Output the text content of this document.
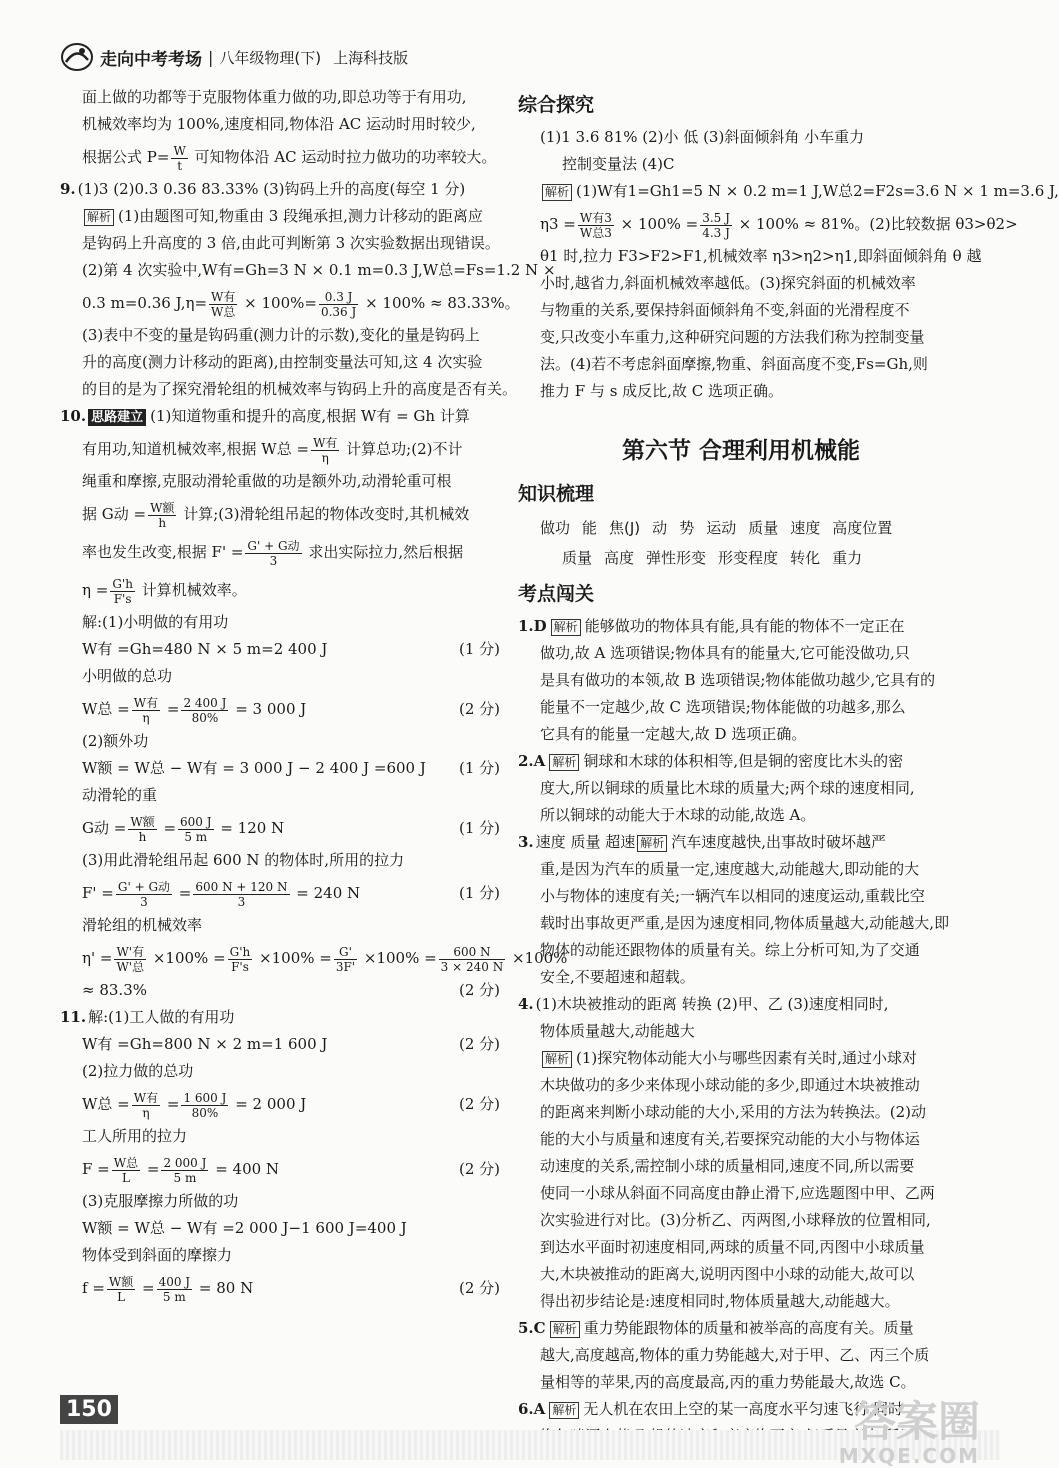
走向中考考场 | 八年级物理(下) 上海科技版
面上做的功都等于克服物体重力做的功,即总功等于有用功,
机械效率均为 100%,速度相同,物体沿 AC 运动时用时较少,
根据公式 $P= \frac{W}{t}$ 可知物体沿 AC 运动时拉力做功的功率较大。
9. (1)3 (2)0.3 0.36 83.33% (3)钩码上升的高度(每空 1 分)
解析 (1)由题图可知,物重由 3 段绳承担,测力计移动的距离应
是钩码上升高度的 3 倍,由此可判断第 3 次实验数据出现错误。
(2)第 4 次实验中,W有=Gh=3 N × 0.1 m=0.3 J,W总=Fs=1.2 N ×
0.3 m=0.36 $J,\eta= \frac{\text{W有}}{\text{W总}} \times 100\%= \frac{0.3 J}{0.36 J} \times 100\% \approx 83.33\%$。
(3)表中不变的量是钩码重(测力计的示数),变化的量是钩码上
升的高度(测力计移动的距离),由控制变量法可知,这 4 次实验
的目的是为了探究滑轮组的机械效率与钩码上升的高度是否有关。
10. 思路建立 (1)知道物重和提升的高度,根据 W有 = Gh 计算
有用功,知道机械效率,根据 W总 = $\frac{\text{W有}}{\eta}$ 计算总功;(2)不计
绳重和摩擦,克服动滑轮重做的功是额外功,动滑轮重可根
据 G动 = $\frac{\text{W额}}{h}$ 计算;(3)滑轮组吊起的物体改变时,其机械效
率也发生改变,根据 $F' = \frac{\text{G' + G动}}{3}$ 求出实际拉力,然后根据
$\eta = \frac{G'h}{F's}$ 计算机械效率。
解:(1)小明做的有用功
W有 =Gh=480 N × 5 m=2 400 J	(1 分)
小明做的总功
W总 = $\frac{\text{W有}}{\eta} = \frac{2 400 J}{80\%} = 3$ 000 J	(2 分)
(2)额外功
W额 = W总 − W有 = 3 000 J − 2 400 J =600 J (1 分)
动滑轮的重
G动 = $\frac{\text{W额}}{h} = \frac{600 J}{5 m} = 120$ N	(1 分)
(3)用此滑轮组吊起 600 N 的物体时,所用的拉力
$F' = \frac{\text{G' + G动}}{3} = \frac{600 N + 120 N}{3} = 240$ N	(1 分)
滑轮组的机械效率
$\eta' = \frac{\text{W'有}}{\text{W'总}} \times 100\% = \frac{G'h}{F's} \times 100\% = \frac{G'}{3F'} \times 100\% = \frac{600 N}{3 \times 240 N} \times 100\%$
≈ 83.3%	(2 分)
11. 解:(1)工人做的有用功
W有 =Gh=800 N × 2 m=1 600 J	(2 分)
(2)拉力做的总功
W总 = $\frac{\text{W有}}{\eta} = \frac{1 600 J}{80\%} = 2$ 000 J	(2 分)
工人所用的拉力
$F = \frac{\text{W总}}{L} = \frac{2 000 J}{5 m} = 400$ N	(2 分)
(3)克服摩擦力所做的功
W额 = W总 − W有 =2 000 J−1 600 J=400 J
物体受到斜面的摩擦力
$f = \frac{\text{W额}}{L} = \frac{400 J}{5 m} = 80$ N	(2 分)
综合探究
(1)1 3.6 81% (2)小 低 (3)斜面倾斜角 小车重力
控制变量法 (4)C
解析 (1)W有1=Gh1=5 N × 0.2 m=1 J,W总2=F2s=3.6 N × 1 m=3.6 J,
$\eta 3 = \frac{\text{W有3}}{\text{W总3}} \times 100\% = \frac{3.5 J}{4.3 J} \times 100\% \approx 81\%$。(2)比较数据 θ3>θ2>
θ1 时,拉力 F3>F2>F1,机械效率 η3>η2>η1,即斜面倾斜角 θ 越
小时,越省力,斜面机械效率越低。(3)探究斜面的机械效率
与物重的关系,要保持斜面倾斜角不变,斜面的光滑程度不
变,只改变小车重力,这种研究问题的方法我们称为控制变量
法。(4)若不考虑斜面摩擦,物重、斜面高度不变,Fs=Gh,则
推力 F 与 s 成反比,故 C 选项正确。
第六节 合理利用机械能
知识梳理
做功 能 焦(J) 动 势 运动 质量 速度 高度位置
质量 高度 弹性形变 形变程度 转化 重力
考点闯关
1.D 解析 能够做功的物体具有能,具有能的物体不一定正在
做功,故 A 选项错误;物体具有的能量大,它可能没做功,只
是具有做功的本领,故 B 选项错误;物体能做功越少,它具有的
能量不一定越少,故 C 选项错误;物体能做的功越多,那么
它具有的能量一定越大,故 D 选项正确。
2.A 解析 铜球和木球的体积相等,但是铜的密度比木头的密
度大,所以铜球的质量比木球的质量大;两个球的速度相同,
所以铜球的动能大于木球的动能,故选 A。
3. 速度 质量 超速 解析 汽车速度越快,出事故时破坏越严
重,是因为汽车的质量一定,速度越大,动能越大,即动能的大
小与物体的速度有关;一辆汽车以相同的速度运动,重载比空
载时出事故更严重,是因为速度相同,物体质量越大,动能越大,即
物体的动能还跟物体的质量有关。综上分析可知,为了交通
安全,不要超速和超载。
4. (1)木块被推动的距离 转换 (2)甲、乙 (3)速度相同时,
物体质量越大,动能越大
解析 (1)探究物体动能大小与哪些因素有关时,通过小球对
木块做功的多少来体现小球动能的多少,即通过木块被推动
的距离来判断小球动能的大小,采用的方法为转换法。(2)动
能的大小与质量和速度有关,若要探究动能的大小与物体运
动速度的关系,需控制小球的质量相同,速度不同,所以需要
使同一小球从斜面不同高度由静止滑下,应选题图中甲、乙两
次实验进行对比。(3)分析乙、丙两图,小球释放的位置相同,
到达水平面时初速度相同,两球的质量不同,丙图中小球质量
大,木块被推动的距离大,说明丙图中小球的动能大,故可以
得出初步结论是:速度相同时,物体质量越大,动能越大。
5.C 解析 重力势能跟物体的质量和被举高的高度有关。质量
越大,高度越高,物体的重力势能越大,对于甲、乙、丙三个质
量相等的苹果,丙的高度最高,丙的重力势能最大,故选 C。
6.A 解析 无人机在农田上空的某一高度水平匀速飞行,同时
150	答案圈
MXQE.COM
